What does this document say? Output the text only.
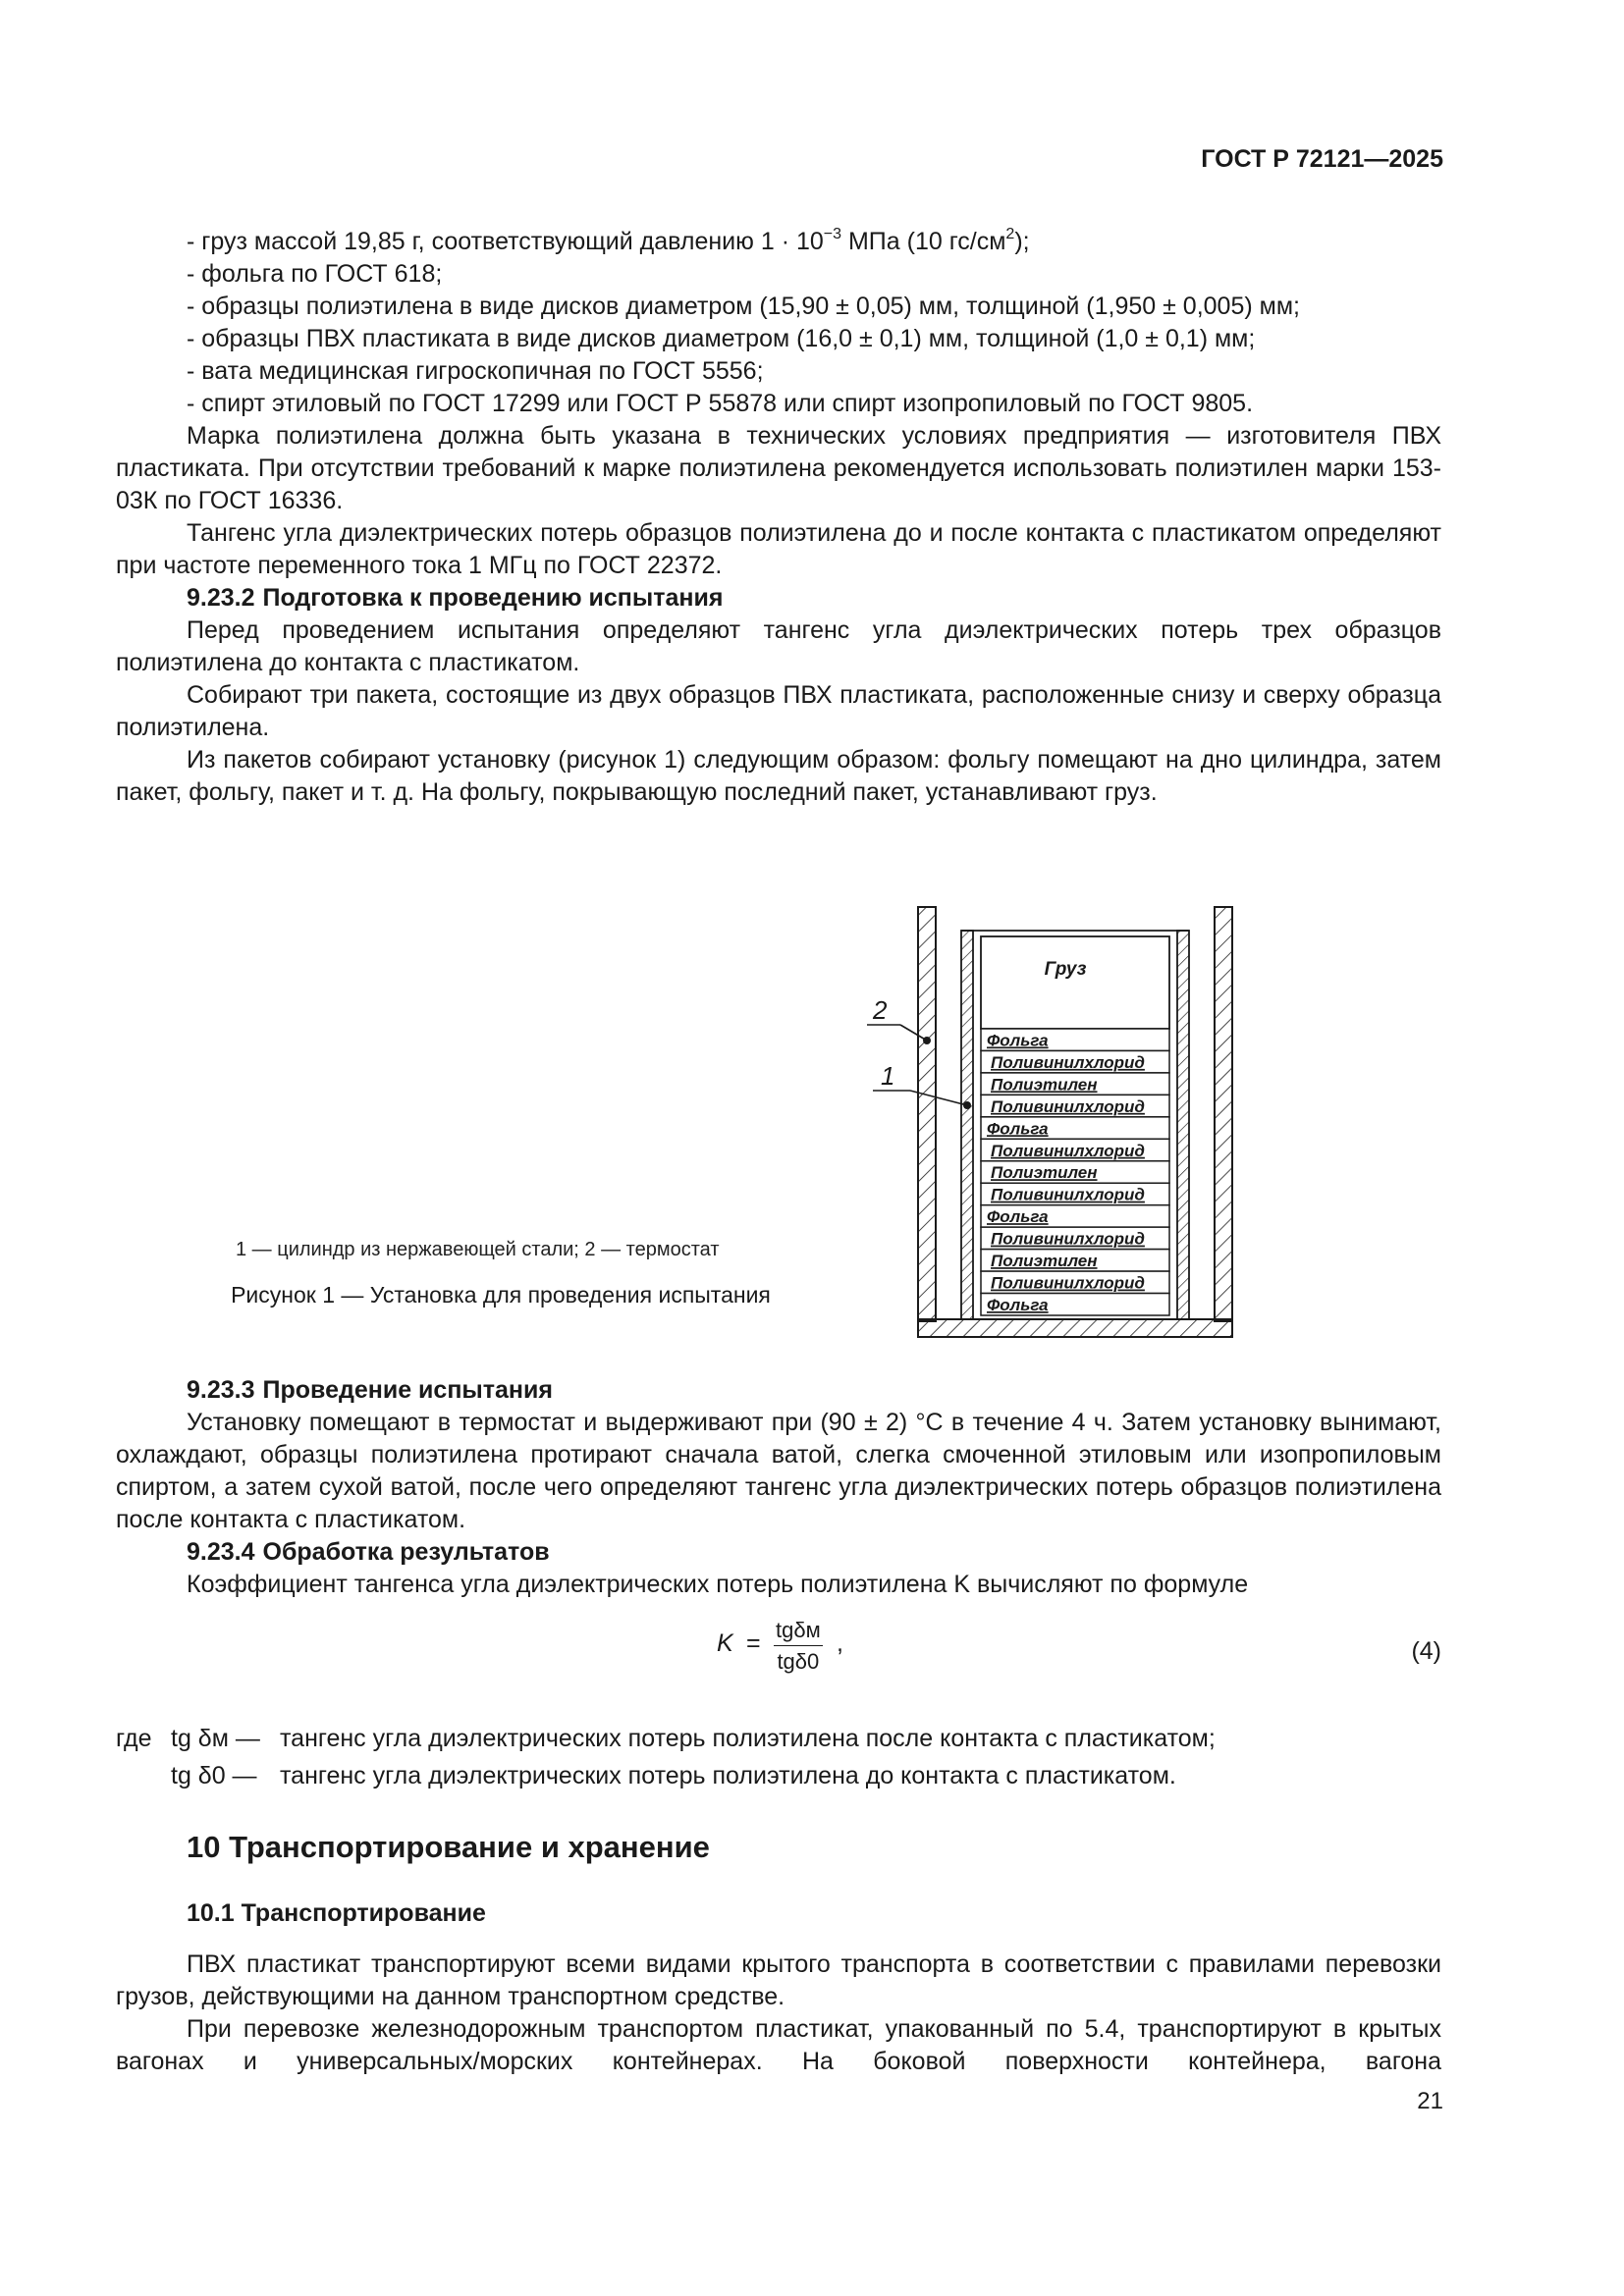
ГОСТ Р 72121—2025

- груз массой 19,85 г, соответствующий давлению $1 \cdot 10^{-3}$ МПа (10 $гс/см^2$);

- фольга по ГОСТ 618;

- образцы полиэтилена в виде дисков диаметром (15,90 ± 0,05) мм, толщиной (1,950 ± 0,005) мм;

- образцы ПВХ пластиката в виде дисков диаметром (16,0 ± 0,1) мм, толщиной (1,0 ± 0,1) мм;

- вата медицинская гигроскопичная по ГОСТ 5556;

- спирт этиловый по ГОСТ 17299 или ГОСТ Р 55878 или спирт изопропиловый по ГОСТ 9805.

Марка полиэтилена должна быть указана в технических условиях предприятия — изготовителя ПВХ пластиката. При отсутствии требований к марке полиэтилена рекомендуется использовать полиэтилен марки 153-03К по ГОСТ 16336.

Тангенс угла диэлектрических потерь образцов полиэтилена до и после контакта с пластикатом определяют при частоте переменного тока 1 МГц по ГОСТ 22372.

9.23.2 Подготовка к проведению испытания

Перед проведением испытания определяют тангенс угла диэлектрических потерь трех образцов полиэтилена до контакта с пластикатом.

Собирают три пакета, состоящие из двух образцов ПВХ пластиката, расположенные снизу и сверху образца полиэтилена.

Из пакетов собирают установку (рисунок 1) следующим образом: фольгу помещают на дно цилиндра, затем пакет, фольгу, пакет и т. д. На фольгу, покрывающую последний пакет, устанавливают груз.

Груз
Фольга
Поливинилхлорид
Полиэтилен
Поливинилхлорид
Фольга
Поливинилхлорид
Полиэтилен
Поливинилхлорид
Фольга
Поливинилхлорид
Полиэтилен
Поливинилхлорид
Фольга
2
1
1 — цилиндр из нержавеющей стали; 2 — термостат
Рисунок 1 — Установка для проведения испытания

9.23.3 Проведение испытания

Установку помещают в термостат и выдерживают при (90 ± 2) °С в течение 4 ч. Затем установку вынимают, охлаждают, образцы полиэтилена протирают сначала ватой, слегка смоченной этиловым или изопропиловым спиртом, а затем сухой ватой, после чего определяют тангенс угла диэлектрических потерь образцов полиэтилена после контакта с пластикатом.

9.23.4 Обработка результатов

Коэффициент тангенса угла диэлектрических потерь полиэтилена K вычисляют по формуле

K = tgδм
tgδ0
,	(4)
где tg δм — тангенс угла диэлектрических потерь полиэтилена после контакта с пластикатом;
tg δ0 — тангенс угла диэлектрических потерь полиэтилена до контакта с пластикатом.
10 Транспортирование и хранение
10.1 Транспортирование

ПВХ пластикат транспортируют всеми видами крытого транспорта в соответствии с правилами перевозки грузов, действующими на данном транспортном средстве.

При перевозке железнодорожным транспортом пластикат, упакованный по 5.4, транспортируют в крытых вагонах и универсальных/морских контейнерах. На боковой поверхности контейнера, вагона

21
